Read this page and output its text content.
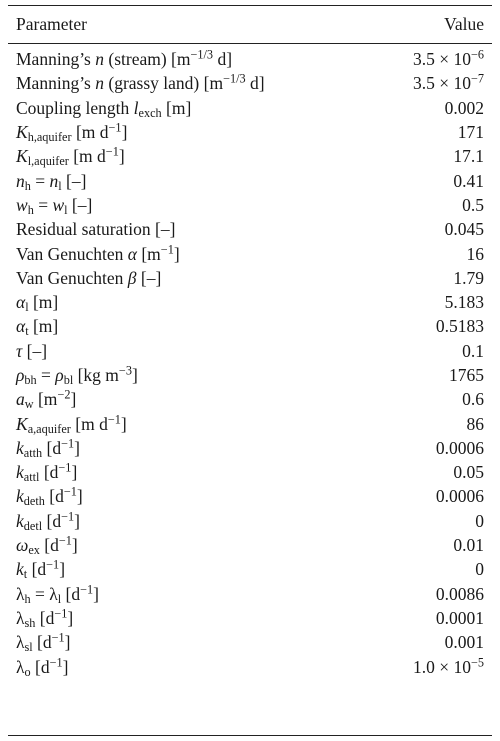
Parameter	Value
Manning’s n (stream) [$m^{-1/3}$ d]	$3.5 \times 10^{-6}$
Manning’s n (grassy land) [$m^{-1/3}$ d]	$3.5 \times 10^{-7}$
Coupling length $l_{exch}$ [m]	0.002
$K_{h,aquifer}$ [m $d^{-1}$]	171
$K_{l,aquifer}$ [m $d^{-1}$]	17.1
$n_h = n_l$ [–]	0.41
$w_h = w_l$ [–]	0.5
Residual saturation [–]	0.045
Van Genuchten α $[m^{-1}]$	16
Van Genuchten β [–]	1.79
$\alpha_l$ [m]	5.183
$\alpha_t$ [m]	0.5183
τ [–]	0.1
$\rho_{bh} = \rho_{bl}$ [kg $m^{-3}$]	1765
$a_w$ $[m^{-2}]$	0.6
$K_{a,aquifer}$ [m $d^{-1}$]	86
$k_{atth}$ $[d^{-1}]$	0.0006
$k_{attl}$ $[d^{-1}]$	0.05
$k_{deth}$ $[d^{-1}]$	0.0006
$k_{detl}$ $[d^{-1}]$	0
$\omega_{ex}$ $[d^{-1}]$	0.01
$k_t$ $[d^{-1}]$	0
$\lambda_h = \lambda_l$ $[d^{-1}]$	0.0086
$\lambda_{sh}$ $[d^{-1}]$	0.0001
$\lambda_{sl}$ $[d^{-1}]$	0.001
$\lambda_o$ $[d^{-1}]$	$1.0 \times 10^{-5}$
